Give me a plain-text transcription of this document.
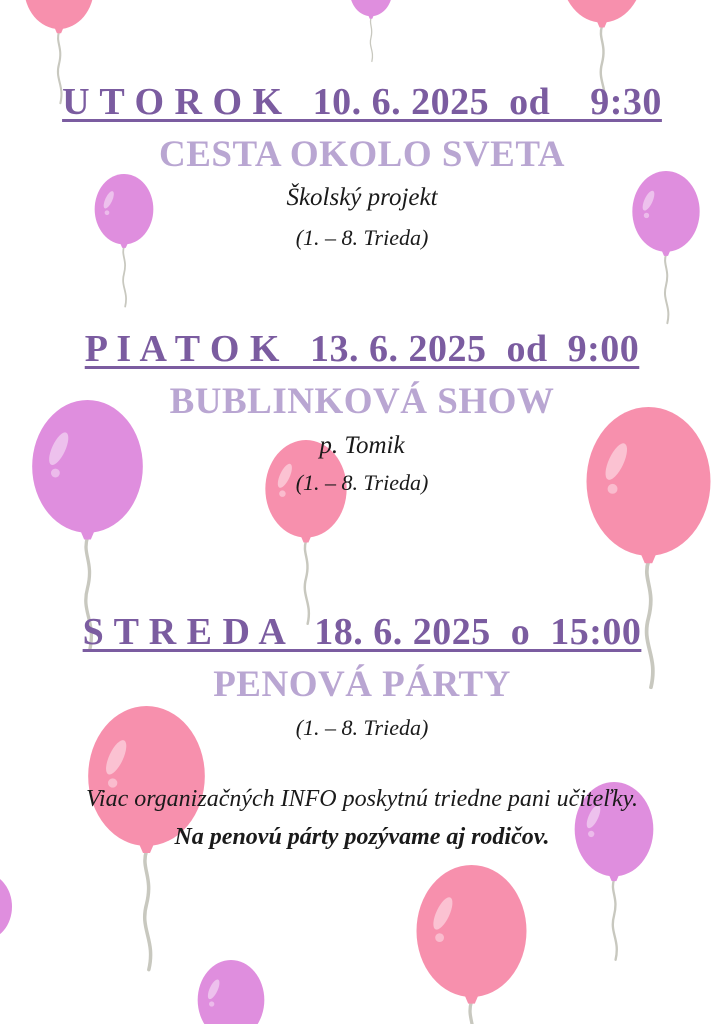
U T O R O K   10. 6. 2025  od    9:30

CESTA OKOLO SVETA

Školský projekt

(1. – 8. Trieda)

P I A T O K   13. 6. 2025  od  9:00

BUBLINKOVÁ SHOW

p. Tomik

(1. – 8. Trieda)

S T R E D A   18. 6. 2025  o  15:00

PENOVÁ PÁRTY

(1. – 8. Trieda)

Viac organizačných INFO poskytnú triedne pani učiteľky.

Na penovú párty pozývame aj rodičov.
